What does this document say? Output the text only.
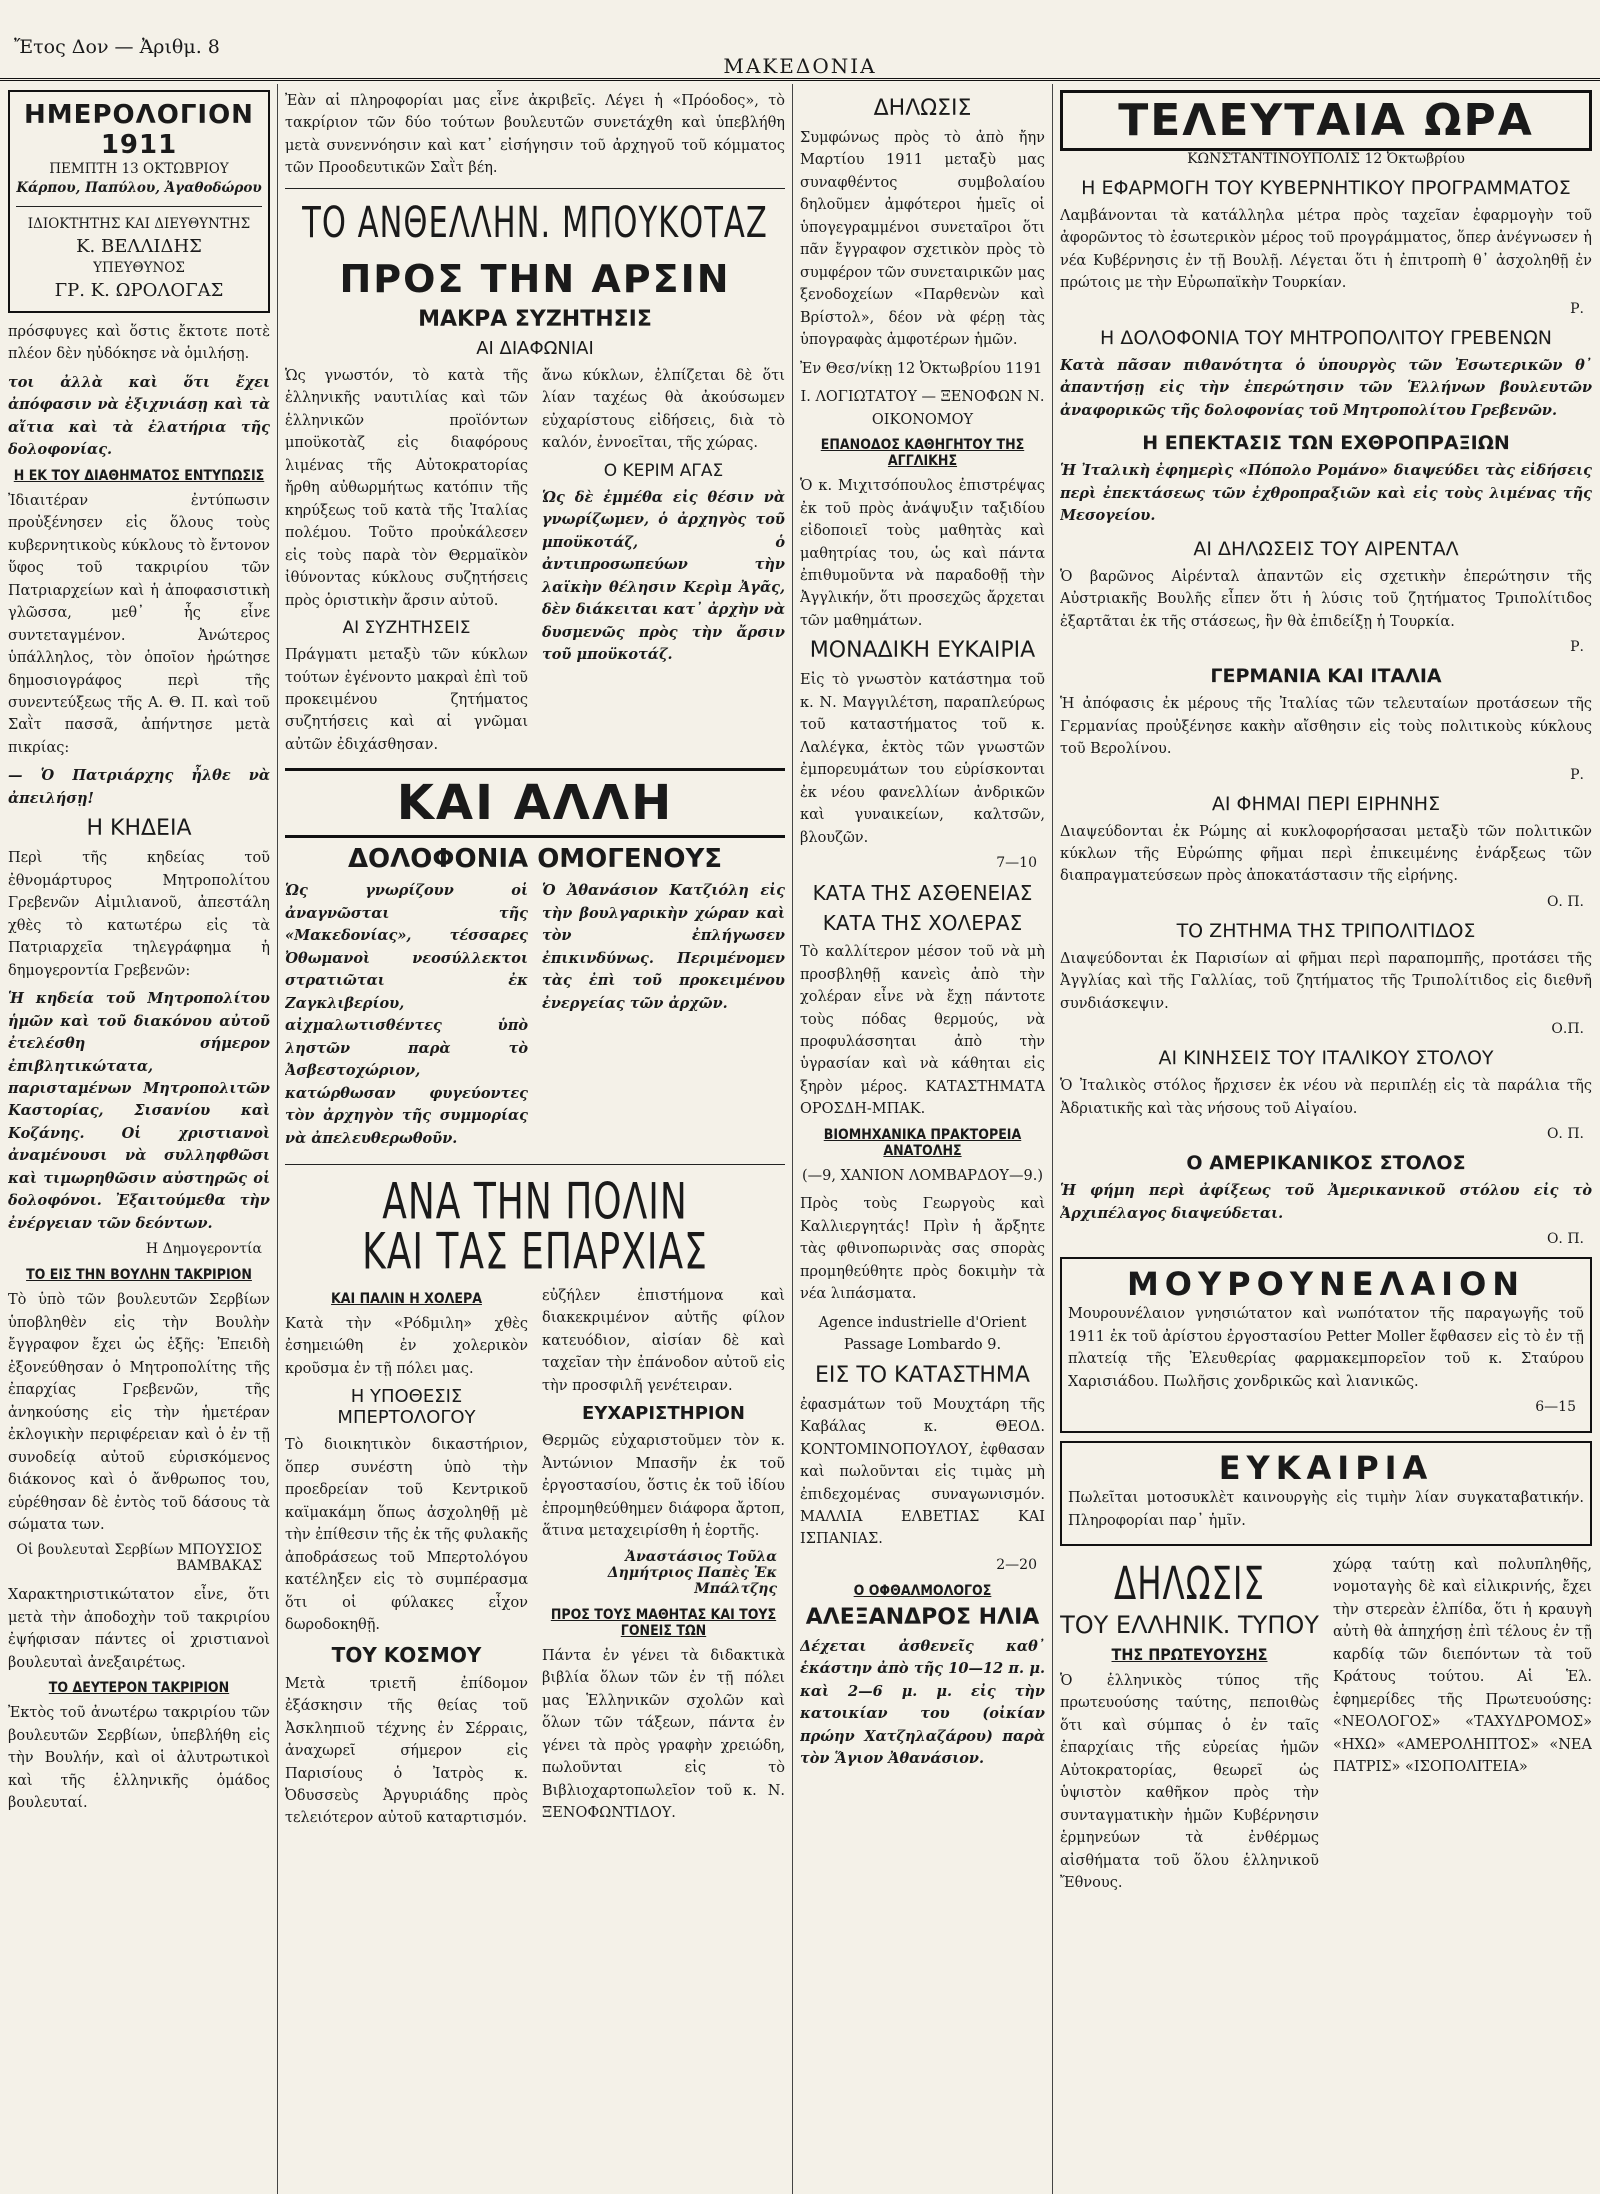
Ἔτος Δον — Ἀριθμ. 8
ΜΑΚΕΔΟΝΙΑ
ΗΜΕΡΟΛΟΓΙΟΝ
1911
ΠΕΜΠΤΗ 13 ΟΚΤΩΒΡΙΟΥ
Κάρπου, Παπύλου, Ἀγαθοδώρου
ΙΔΙΟΚΤΗΤΗΣ ΚΑΙ ΔΙΕΥΘΥΝΤΗΣ
Κ. ΒΕΛΛΙΔΗΣ
ΥΠΕΥΘΥΝΟΣ
ΓΡ. Κ. ΩΡΟΛΟΓΑΣ

πρόσφυγες καὶ ὅστις ἔκτοτε ποτὲ πλέον δὲν ηὐδόκησε νὰ ὁμιλήσῃ.

τοι ἀλλὰ καὶ ὅτι ἔχει ἀπόφασιν νὰ ἐξιχνιάσῃ καὶ τὰ αἴτια καὶ τὰ ἐλατήρια τῆς δολοφονίας.

Η ΕΚ ΤΟΥ ΔΙΑΘΗΜΑΤΟΣ ΕΝΤΥΠΩΣΙΣ

Ἰδιαιτέραν ἐντύπωσιν προὐξένησεν εἰς ὅλους τοὺς κυβερνητικοὺς κύκλους τὸ ἔντονον ὕφος τοῦ τακριρίου τῶν Πατριαρχείων καὶ ἡ ἀποφασιστικὴ γλῶσσα, μεθ᾽ ἧς εἶνε συντεταγμένον. Ἀνώτερος ὑπάλληλος, τὸν ὁποῖον ἠρώτησε δημοσιογράφος περὶ τῆς συνεντεύξεως τῆς Α. Θ. Π. καὶ τοῦ Σαῒτ πασσᾶ, ἀπήντησε μετὰ πικρίας:

— Ὁ Πατριάρχης ἦλθε νὰ ἀπειλήσῃ!

Η ΚΗΔΕΙΑ

Περὶ τῆς κηδείας τοῦ ἐθνομάρτυρος Μητροπολίτου Γρεβενῶν Αἰμιλιανοῦ, ἀπεστάλη χθὲς τὸ κατωτέρω εἰς τὰ Πατριαρχεῖα τηλεγράφημα ἡ δημογεροντία Γρεβενῶν:

Ἡ κηδεία τοῦ Μητροπολίτου ἡμῶν καὶ τοῦ διακόνου αὐτοῦ ἐτελέσθη σήμερον ἐπιβλητικώτατα, παρισταμένων Μητροπολιτῶν Καστορίας, Σισανίου καὶ Κοζάνης. Οἱ χριστιανοὶ ἀναμένουσι νὰ συλληφθῶσι καὶ τιμωρηθῶσιν αὐστηρῶς οἱ δολοφόνοι. Ἐξαιτούμεθα τὴν ἐνέργειαν τῶν δεόντων.

Η Δημογεροντία
ΤΟ ΕΙΣ ΤΗΝ ΒΟΥΛΗΝ ΤΑΚΡΙΡΙΟΝ

Τὸ ὑπὸ τῶν βουλευτῶν Σερβίων ὑποβληθὲν εἰς τὴν Βουλὴν ἔγγραφον ἔχει ὡς ἑξῆς: Ἐπειδὴ ἐξονεύθησαν ὁ Μητροπολίτης τῆς ἐπαρχίας Γρεβενῶν, τῆς ἀνηκούσης εἰς τὴν ἡμετέραν ἐκλογικὴν περιφέρειαν καὶ ὁ ἐν τῇ συνοδείᾳ αὐτοῦ εὑρισκόμενος διάκονος καὶ ὁ ἄνθρωπος του, εὑρέθησαν δὲ ἐντὸς τοῦ δάσους τὰ σώματα των.

Οἱ βουλευταὶ Σερβίων ΜΠΟΥΣΙΟΣ ΒΑΜΒΑΚΑΣ

Χαρακτηριστικώτατον εἶνε, ὅτι μετὰ τὴν ἀποδοχὴν τοῦ τακριρίου ἐψήφισαν πάντες οἱ χριστιανοὶ βουλευταὶ ἀνεξαιρέτως.

ΤΟ ΔΕΥΤΕΡΟΝ ΤΑΚΡΙΡΙΟΝ

Ἐκτὸς τοῦ ἀνωτέρω τακριρίου τῶν βουλευτῶν Σερβίων, ὑπεβλήθη εἰς τὴν Βουλήν, καὶ οἱ ἀλυτρωτικοὶ καὶ τῆς ἑλληνικῆς ὁμάδος βουλευταί.

Ἐὰν αἱ πληροφορίαι μας εἶνε ἀκριβεῖς. Λέγει ἡ «Πρόοδος», τὸ τακρίριον τῶν δύο τούτων βουλευτῶν συνετάχθη καὶ ὑπεβλήθη μετὰ συνεννόησιν καὶ κατ᾽ εἰσήγησιν τοῦ ἀρχηγοῦ τοῦ κόμματος τῶν Προοδευτικῶν Σαῒτ βέη.

ΤΟ ΑΝΘΕΛΛΗΝ. ΜΠΟΥΚΟΤΑΖ
ΠΡΟΣ ΤΗΝ ΑΡΣΙΝ
ΜΑΚΡΑ ΣΥΖΗΤΗΣΙΣ
ΑΙ ΔΙΑΦΩΝΙΑΙ

Ὡς γνωστόν, τὸ κατὰ τῆς ἑλληνικῆς ναυτιλίας καὶ τῶν ἑλληνικῶν προϊόντων μποϋκοτὰζ εἰς διαφόρους λιμένας τῆς Αὐτοκρατορίας ἤρθη αὐθωρμήτως κατόπιν τῆς κηρύξεως τοῦ κατὰ τῆς Ἰταλίας πολέμου. Τοῦτο προὐκάλεσεν εἰς τοὺς παρὰ τὸν Θερμαϊκὸν ἰθύνοντας κύκλους συζητήσεις πρὸς ὁριστικὴν ἄρσιν αὐτοῦ.

ΑΙ ΣΥΖΗΤΗΣΕΙΣ

Πράγματι μεταξὺ τῶν κύκλων τούτων ἐγένοντο μακραὶ ἐπὶ τοῦ προκειμένου ζητήματος συζητήσεις καὶ αἱ γνῶμαι αὐτῶν ἐδιχάσθησαν.

ἄνω κύκλων, ἐλπίζεται δὲ ὅτι λίαν ταχέως θὰ ἀκούσωμεν εὐχαρίστους εἰδήσεις, διὰ τὸ καλόν, ἐννοεῖται, τῆς χώρας.

Ο ΚΕΡΙΜ ΑΓΑΣ

Ὡς δὲ ἐμμέθα εἰς θέσιν νὰ γνωρίζωμεν, ὁ ἀρχηγὸς τοῦ μποϋκοτάζ, ὁ ἀντιπροσωπεύων τὴν λαϊκὴν θέλησιν Κερὶμ Ἀγᾶς, δὲν διάκειται κατ᾽ ἀρχὴν νὰ δυσμενῶς πρὸς τὴν ἄρσιν τοῦ μποϋκοτάζ.

ΚΑΙ ΑΛΛΗ
ΔΟΛΟΦΟΝΙΑ ΟΜΟΓΕΝΟΥΣ

Ὡς γνωρίζουν οἱ ἀναγνῶσται τῆς «Μακεδονίας», τέσσαρες Ὀθωμανοὶ νεοσύλλεκτοι στρατιῶται ἐκ Ζαγκλιβερίου, αἰχμαλωτισθέντες ὑπὸ ληστῶν παρὰ τὸ Ἀσβεστοχώριον, κατώρθωσαν φυγεύοντες τὸν ἀρχηγὸν τῆς συμμορίας νὰ ἀπελευθερωθοῦν.

Ὁ Ἀθανάσιον Κατζιόλη εἰς τὴν βουλγαρικὴν χώραν καὶ τὸν ἐπλήγωσεν ἐπικινδύνως. Περιμένομεν τὰς ἐπὶ τοῦ προκειμένου ἐνεργείας τῶν ἀρχῶν.

ΑΝΑ ΤΗΝ ΠΟΛΙΝ
ΚΑΙ ΤΑΣ ΕΠΑΡΧΙΑΣ
ΚΑΙ ΠΑΛΙΝ Η ΧΟΛΕΡΑ

Κατὰ τὴν «Ρόδμιλη» χθὲς ἐσημειώθη ἐν χολερικὸν κροῦσμα ἐν τῇ πόλει μας.

Η ΥΠΟΘΕΣΙΣ ΜΠΕΡΤΟΛΟΓΟΥ

Τὸ διοικητικὸν δικαστήριον, ὅπερ συνέστη ὑπὸ τὴν προεδρείαν τοῦ Κεντρικοῦ καϊμακάμη ὅπως ἀσχοληθῇ μὲ τὴν ἐπίθεσιν τῆς ἐκ τῆς φυλακῆς ἀποδράσεως τοῦ Μπερτολόγου κατέληξεν εἰς τὸ συμπέρασμα ὅτι οἱ φύλακες εἶχον δωροδοκηθῇ.

ΤΟΥ ΚΟΣΜΟΥ

Μετὰ τριετῆ ἐπίδομον ἐξάσκησιν τῆς θείας τοῦ Ἀσκληπιοῦ τέχνης ἐν Σέρραις, ἀναχωρεῖ σήμερον εἰς Παρισίους ὁ Ἰατρὸς κ. Ὀδυσσεὺς Ἀργυριάδης πρὸς τελειότερον αὐτοῦ καταρτισμόν.

εὐζήλεν ἐπιστήμονα καὶ διακεκριμένον αὐτῆς φίλον κατευόδιον, αἰσίαν δὲ καὶ ταχεῖαν τὴν ἐπάνοδον αὐτοῦ εἰς τὴν προσφιλῆ γενέτειραν.

ΕΥΧΑΡΙΣΤΗΡΙΟΝ

Θερμῶς εὐχαριστοῦμεν τὸν κ. Ἀντώνιον Μπασῆν ἐκ τοῦ ἐργοστασίου, ὅστις ἐκ τοῦ ἰδίου ἐπρομηθεύθημεν διάφορα ἄρτοπ, ἅτινα μεταχειρίσθη ἡ ἑορτῆς.

Ἀναστάσιος Τοῦλα Δημήτριος Παπὲς Ἐκ Μπάλτζης
ΠΡΟΣ ΤΟΥΣ ΜΑΘΗΤΑΣ ΚΑΙ ΤΟΥΣ ΓΟΝΕΙΣ ΤΩΝ

Πάντα ἐν γένει τὰ διδακτικὰ βιβλία ὅλων τῶν ἐν τῇ πόλει μας Ἑλληνικῶν σχολῶν καὶ ὅλων τῶν τάξεων, πάντα ἐν γένει τὰ πρὸς γραφὴν χρειώδη, πωλοῦνται εἰς τὸ Βιβλιοχαρτοπωλεῖον τοῦ κ. Ν. ΞΕΝΟΦΩΝΤΙΔΟΥ.

ΔΗΛΩΣΙΣ

Συμφώνως πρὸς τὸ ἀπὸ ἤην Μαρτίου 1911 μεταξὺ μας συναφθέντος συμβολαίου δηλοῦμεν ἀμφότεροι ἡμεῖς οἱ ὑπογεγραμμένοι συνεταῖροι ὅτι πᾶν ἔγγραφον σχετικὸν πρὸς τὸ συμφέρον τῶν συνεταιρικῶν μας ξενοδοχείων «Παρθενὼν καὶ Βρίστολ», δέον νὰ φέρῃ τὰς ὑπογραφὰς ἀμφοτέρων ἡμῶν.

Ἐν Θεσ/νίκῃ 12 Ὀκτωβρίου 1191

Ι. ΛΟΓΙΩΤΑΤΟΥ — ΞΕΝΟΦΩΝ Ν. ΟΙΚΟΝΟΜΟΥ

ΕΠΑΝΟΔΟΣ ΚΑΘΗΓΗΤΟΥ ΤΗΣ ΑΓΓΛΙΚΗΣ

Ὁ κ. Μιχιτσόπουλος ἐπιστρέψας ἐκ τοῦ πρὸς ἀνάψυξιν ταξιδίου εἰδοποιεῖ τοὺς μαθητὰς καὶ μαθητρίας του, ὡς καὶ πάντα ἐπιθυμοῦντα νὰ παραδοθῇ τὴν Ἀγγλικήν, ὅτι προσεχῶς ἄρχεται τῶν μαθημάτων.

ΜΟΝΑΔΙΚΗ ΕΥΚΑΙΡΙΑ

Εἰς τὸ γνωστὸν κατάστημα τοῦ κ. Ν. Μαγγιλέτση, παραπλεύρως τοῦ καταστήματος τοῦ κ. Λαλέγκα, ἐκτὸς τῶν γνωστῶν ἐμπορευμάτων του εὑρίσκονται ἐκ νέου φανελλίων ἀνδρικῶν καὶ γυναικείων, καλτσῶν, βλουζῶν.

7—10
ΚΑΤΑ ΤΗΣ ΑΣΘΕΝΕΙΑΣ
ΚΑΤΑ ΤΗΣ ΧΟΛΕΡΑΣ

Τὸ καλλίτερον μέσον τοῦ νὰ μὴ προσβληθῇ κανεὶς ἀπὸ τὴν χολέραν εἶνε νὰ ἔχῃ πάντοτε τοὺς πόδας θερμούς, νὰ προφυλάσσηται ἀπὸ τὴν ὑγρασίαν καὶ νὰ κάθηται εἰς ξηρὸν μέρος. ΚΑΤΑΣΤΗΜΑΤΑ ΟΡΟΣΔΗ-ΜΠΑΚ.

ΒΙΟΜΗΧΑΝΙΚΑ ΠΡΑΚΤΟΡΕΙΑ ΑΝΑΤΟΛΗΣ

(—9, ΧΑΝΙΟΝ ΛΟΜΒΑΡΔΟΥ—9.)

Πρὸς τοὺς Γεωργοὺς καὶ Καλλιεργητάς! Πρὶν ἡ ἄρξητε τὰς φθινοπωρινὰς σας σπορὰς προμηθεύθητε πρὸς δοκιμὴν τὰ νέα λιπάσματα.

Agence industrielle d'Orient Passage Lombardo 9.

ΕΙΣ ΤΟ ΚΑΤΑΣΤΗΜΑ

ἐφασμάτων τοῦ Μουχτάρη τῆς Καβάλας κ. ΘΕΟΔ. ΚΟΝΤΟΜΙΝΟΠΟΥΛΟΥ, ἐφθασαν καὶ πωλοῦνται εἰς τιμὰς μὴ ἐπιδεχομένας συναγωνισμόν. ΜΑΛΛΙΑ ΕΛΒΕΤΙΑΣ ΚΑΙ ΙΣΠΑΝΙΑΣ.

2—20
Ο ΟΦΘΑΛΜΟΛΟΓΟΣ
ΑΛΕΞΑΝΔΡΟΣ ΗΛΙΑ

Δέχεται ἀσθενεῖς καθ᾽ ἑκάστην ἀπὸ τῆς 10—12 π. μ. καὶ 2—6 μ. μ. εἰς τὴν κατοικίαν του (οἰκίαν πρώην Χατζηλαζάρου) παρὰ τὸν Ἅγιον Ἀθανάσιον.

ΤΕΛΕΥΤΑΙΑ ΩΡΑ
ΚΩΝΣΤΑΝΤΙΝΟΥΠΟΛΙΣ 12 Ὀκτωβρίου
Η ΕΦΑΡΜΟΓΗ ΤΟΥ ΚΥΒΕΡΝΗΤΙΚΟΥ ΠΡΟΓΡΑΜΜΑΤΟΣ

Λαμβάνονται τὰ κατάλληλα μέτρα πρὸς ταχεῖαν ἐφαρμογὴν τοῦ ἀφορῶντος τὸ ἐσωτερικὸν μέρος τοῦ προγράμματος, ὅπερ ἀνέγνωσεν ἡ νέα Κυβέρνησις ἐν τῇ Βουλῇ. Λέγεται ὅτι ἡ ἐπιτροπὴ θ᾽ ἀσχοληθῇ ἐν πρώτοις με τὴν Εὐρωπαϊκὴν Τουρκίαν.

Ρ.
Η ΔΟΛΟΦΟΝΙΑ ΤΟΥ ΜΗΤΡΟΠΟΛΙΤΟΥ ΓΡΕΒΕΝΩΝ

Κατὰ πᾶσαν πιθανότητα ὁ ὑπουργὸς τῶν Ἐσωτερικῶν θ᾽ ἀπαντήσῃ εἰς τὴν ἐπερώτησιν τῶν Ἑλλήνων βουλευτῶν ἀναφορικῶς τῆς δολοφονίας τοῦ Μητροπολίτου Γρεβενῶν.

Η ΕΠΕΚΤΑΣΙΣ ΤΩΝ ΕΧΘΡΟΠΡΑΞΙΩΝ

Ἡ Ἰταλικὴ ἐφημερὶς «Πόπολο Ρομάνο» διαψεύδει τὰς εἰδήσεις περὶ ἐπεκτάσεως τῶν ἐχθροπραξιῶν καὶ εἰς τοὺς λιμένας τῆς Μεσογείου.

ΑΙ ΔΗΛΩΣΕΙΣ ΤΟΥ ΑΙΡΕΝΤΑΛ

Ὁ βαρῶνος Αἰρένταλ ἀπαντῶν εἰς σχετικὴν ἐπερώτησιν τῆς Αὐστριακῆς Βουλῆς εἶπεν ὅτι ἡ λύσις τοῦ ζητήματος Τριπολίτιδος ἐξαρτᾶται ἐκ τῆς στάσεως, ἣν θὰ ἐπιδείξῃ ἡ Τουρκία.

Ρ.
ΓΕΡΜΑΝΙΑ ΚΑΙ ΙΤΑΛΙΑ

Ἡ ἀπόφασις ἐκ μέρους τῆς Ἰταλίας τῶν τελευταίων προτάσεων τῆς Γερμανίας προὐξένησε κακὴν αἴσθησιν εἰς τοὺς πολιτικοὺς κύκλους τοῦ Βερολίνου.

Ρ.
ΑΙ ΦΗΜΑΙ ΠΕΡΙ ΕΙΡΗΝΗΣ

Διαψεύδονται ἐκ Ρώμης αἱ κυκλοφορήσασαι μεταξὺ τῶν πολιτικῶν κύκλων τῆς Εὐρώπης φῆμαι περὶ ἐπικειμένης ἐνάρξεως τῶν διαπραγματεύσεων πρὸς ἀποκατάστασιν τῆς εἰρήνης.

Ο. Π.
ΤΟ ΖΗΤΗΜΑ ΤΗΣ ΤΡΙΠΟΛΙΤΙΔΟΣ

Διαψεύδονται ἐκ Παρισίων αἱ φῆμαι περὶ παραπομπῆς, προτάσει τῆς Ἀγγλίας καὶ τῆς Γαλλίας, τοῦ ζητήματος τῆς Τριπολίτιδος εἰς διεθνῆ συνδιάσκεψιν.

Ο.Π.
ΑΙ ΚΙΝΗΣΕΙΣ ΤΟΥ ΙΤΑΛΙΚΟΥ ΣΤΟΛΟΥ

Ὁ Ἰταλικὸς στόλος ἤρχισεν ἐκ νέου νὰ περιπλέῃ εἰς τὰ παράλια τῆς Ἀδριατικῆς καὶ τὰς νήσους τοῦ Αἰγαίου.

Ο. Π.
Ο ΑΜΕΡΙΚΑΝΙΚΟΣ ΣΤΟΛΟΣ

Ἡ φήμη περὶ ἀφίξεως τοῦ Ἀμερικανικοῦ στόλου εἰς τὸ Ἀρχιπέλαγος διαψεύδεται.

Ο. Π.
ΜΟΥΡΟΥΝΕΛΑΙΟΝ

Μουρουνέλαιον γνησιώτατον καὶ νωπότατον τῆς παραγωγῆς τοῦ 1911 ἐκ τοῦ ἀρίστου ἐργοστασίου Petter Moller ἔφθασεν εἰς τὸ ἐν τῇ πλατείᾳ τῆς Ἐλευθερίας φαρμακεμπορεῖον τοῦ κ. Σταύρου Χαρισιάδου. Πωλῆσις χονδρικῶς καὶ λιανικῶς.

6—15
ΕΥΚΑΙΡΙΑ

Πωλεῖται μοτοσυκλὲτ καινουργὴς εἰς τιμὴν λίαν συγκαταβατικήν. Πληροφορίαι παρ᾽ ἡμῖν.

ΔΗΛΩΣΙΣ
ΤΟΥ ΕΛΛΗΝΙΚ. ΤΥΠΟΥ
ΤΗΣ ΠΡΩΤΕΥΟΥΣΗΣ

Ὁ ἑλληνικὸς τύπος τῆς πρωτευούσης ταύτης, πεποιθὼς ὅτι καὶ σύμπας ὁ ἐν ταῖς ἐπαρχίαις τῆς εὐρείας ἡμῶν Αὐτοκρατορίας, θεωρεῖ ὡς ὑψιστὸν καθῆκον πρὸς τὴν συνταγματικὴν ἡμῶν Κυβέρνησιν ἑρμηνεύων τὰ ἐνθέρμως αἰσθήματα τοῦ ὅλου ἑλληνικοῦ Ἔθνους.

χώρᾳ ταύτῃ καὶ πολυπληθῆς, νομοταγὴς δὲ καὶ εἰλικρινής, ἔχει τὴν στερεὰν ἐλπίδα, ὅτι ἡ κραυγὴ αὐτὴ θὰ ἀπηχήσῃ ἐπὶ τέλους ἐν τῇ καρδίᾳ τῶν διεπόντων τὰ τοῦ Κράτους τούτου. Αἱ Ἑλ. ἐφημερίδες τῆς Πρωτευούσης: «ΝΕΟΛΟΓΟΣ» «ΤΑΧΥΔΡΟΜΟΣ» «ΗΧΩ» «ΑΜΕΡΟΛΗΠΤΟΣ» «ΝΕΑ ΠΑΤΡΙΣ» «ΙΣΟΠΟΛΙΤΕΙΑ»
